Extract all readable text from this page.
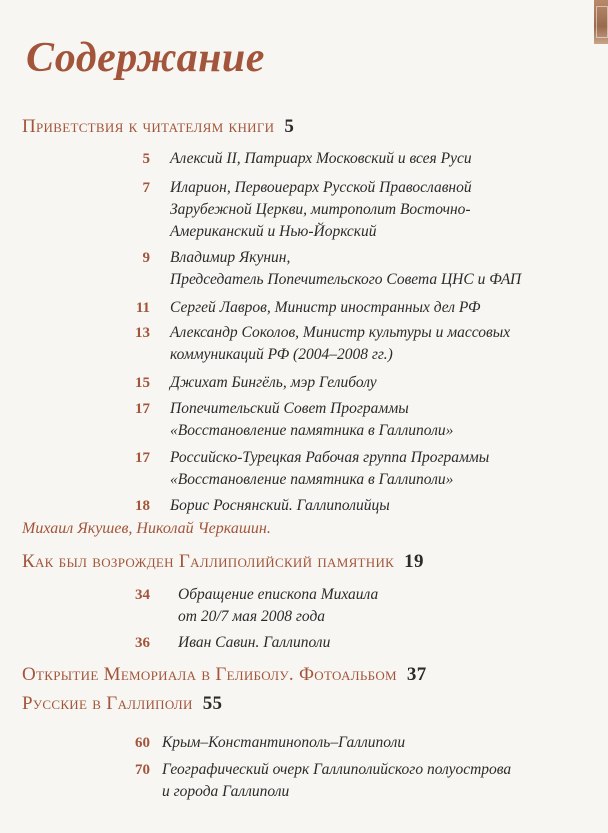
Содержание
Приветствия к читателям книги 5
5 Алексий II, Патриарх Московский и всея Руси
7 Иларион, Первоиерарх Русской Православной
Зарубежной Церкви, митрополит Восточно-
Американский и Нью-Йоркский
9 Владимир Якунин,
Председатель Попечительского Совета ЦНС и ФАП
11 Сергей Лавров, Министр иностранных дел РФ
13 Александр Соколов, Министр культуры и массовых
коммуникаций РФ (2004–2008 гг.)
15 Джихат Бингёль, мэр Гелиболу
17 Попечительский Совет Программы
«Восстановление памятника в Галлиполи»
17 Российско-Турецкая Рабочая группа Программы
«Восстановление памятника в Галлиполи»
18 Борис Роснянский. Галлиполийцы
Михаил Якушев, Николай Черкашин.
Как был возрожден Галлиполийский памятник 19
34 Обращение епископа Михаила
от 20/7 мая 2008 года
36 Иван Савин. Галлиполи
Открытие Мемориала в Гелиболу. Фотоальбом 37
Русские в Галлиполи 55
60 Крым–Константинополь–Галлиполи
70 Географический очерк Галлиполийского полуострова
и города Галлиполи
